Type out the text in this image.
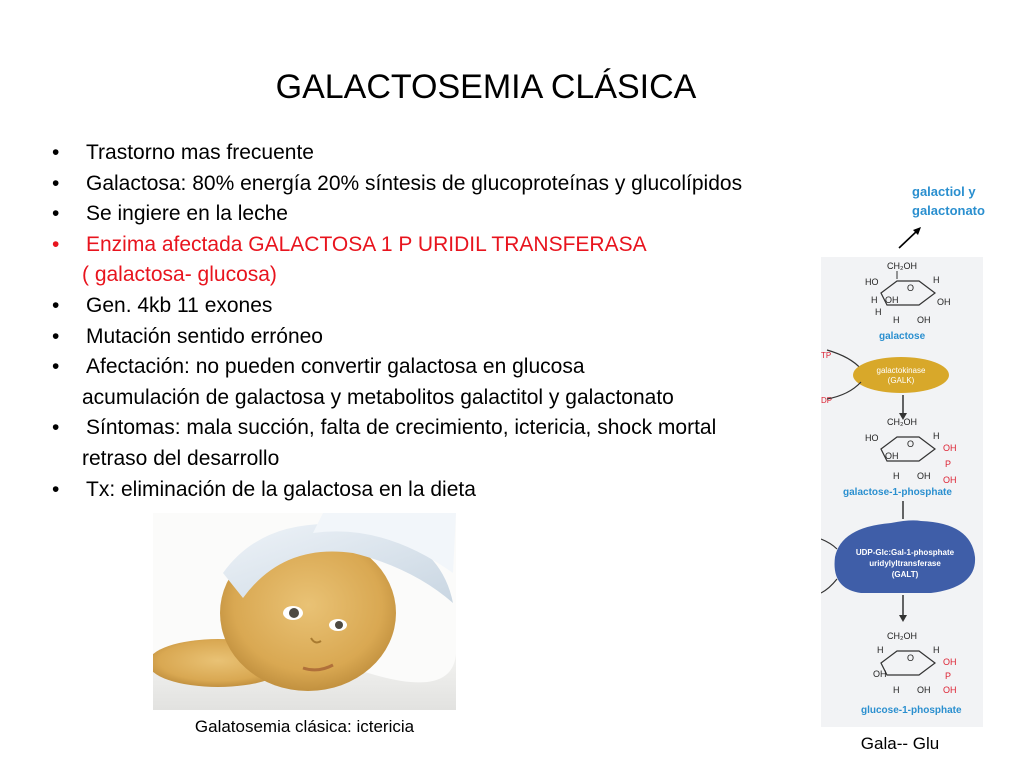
GALACTOSEMIA CLÁSICA
• Trastorno mas frecuente
• Galactosa: 80% energía 20% síntesis de glucoproteínas y glucolípidos
• Se ingiere en la leche
• Enzima afectada GALACTOSA 1 P URIDIL TRANSFERASA
( galactosa- glucosa)
• Gen. 4kb 11 exones
• Mutación sentido erróneo
• Afectación: no pueden convertir galactosa en glucosa
acumulación de galactosa y metabolitos galactitol y galactonato
• Síntomas: mala succión, falta de crecimiento, ictericia, shock mortal
retraso del desarrollo
• Tx: eliminación de la galactosa en la dieta
Galatosemia clásica: ictericia
galactiol y
galactonato
CH₂OH
O
HO	H
OH
OH
H
H
H OH
galactose
TP
galactokinase
(GALK)
DP
CH₂OH
O
HO	H
OH
H OH
OH
P
OH
galactose-1-phosphate
UDP-Glc:Gal-1-phosphate
uridylyltransferase
(GALT)
CH₂OH
O
H	H
OH
H OH
OH
P
OH
glucose-1-phosphate
Gala-- Glu
